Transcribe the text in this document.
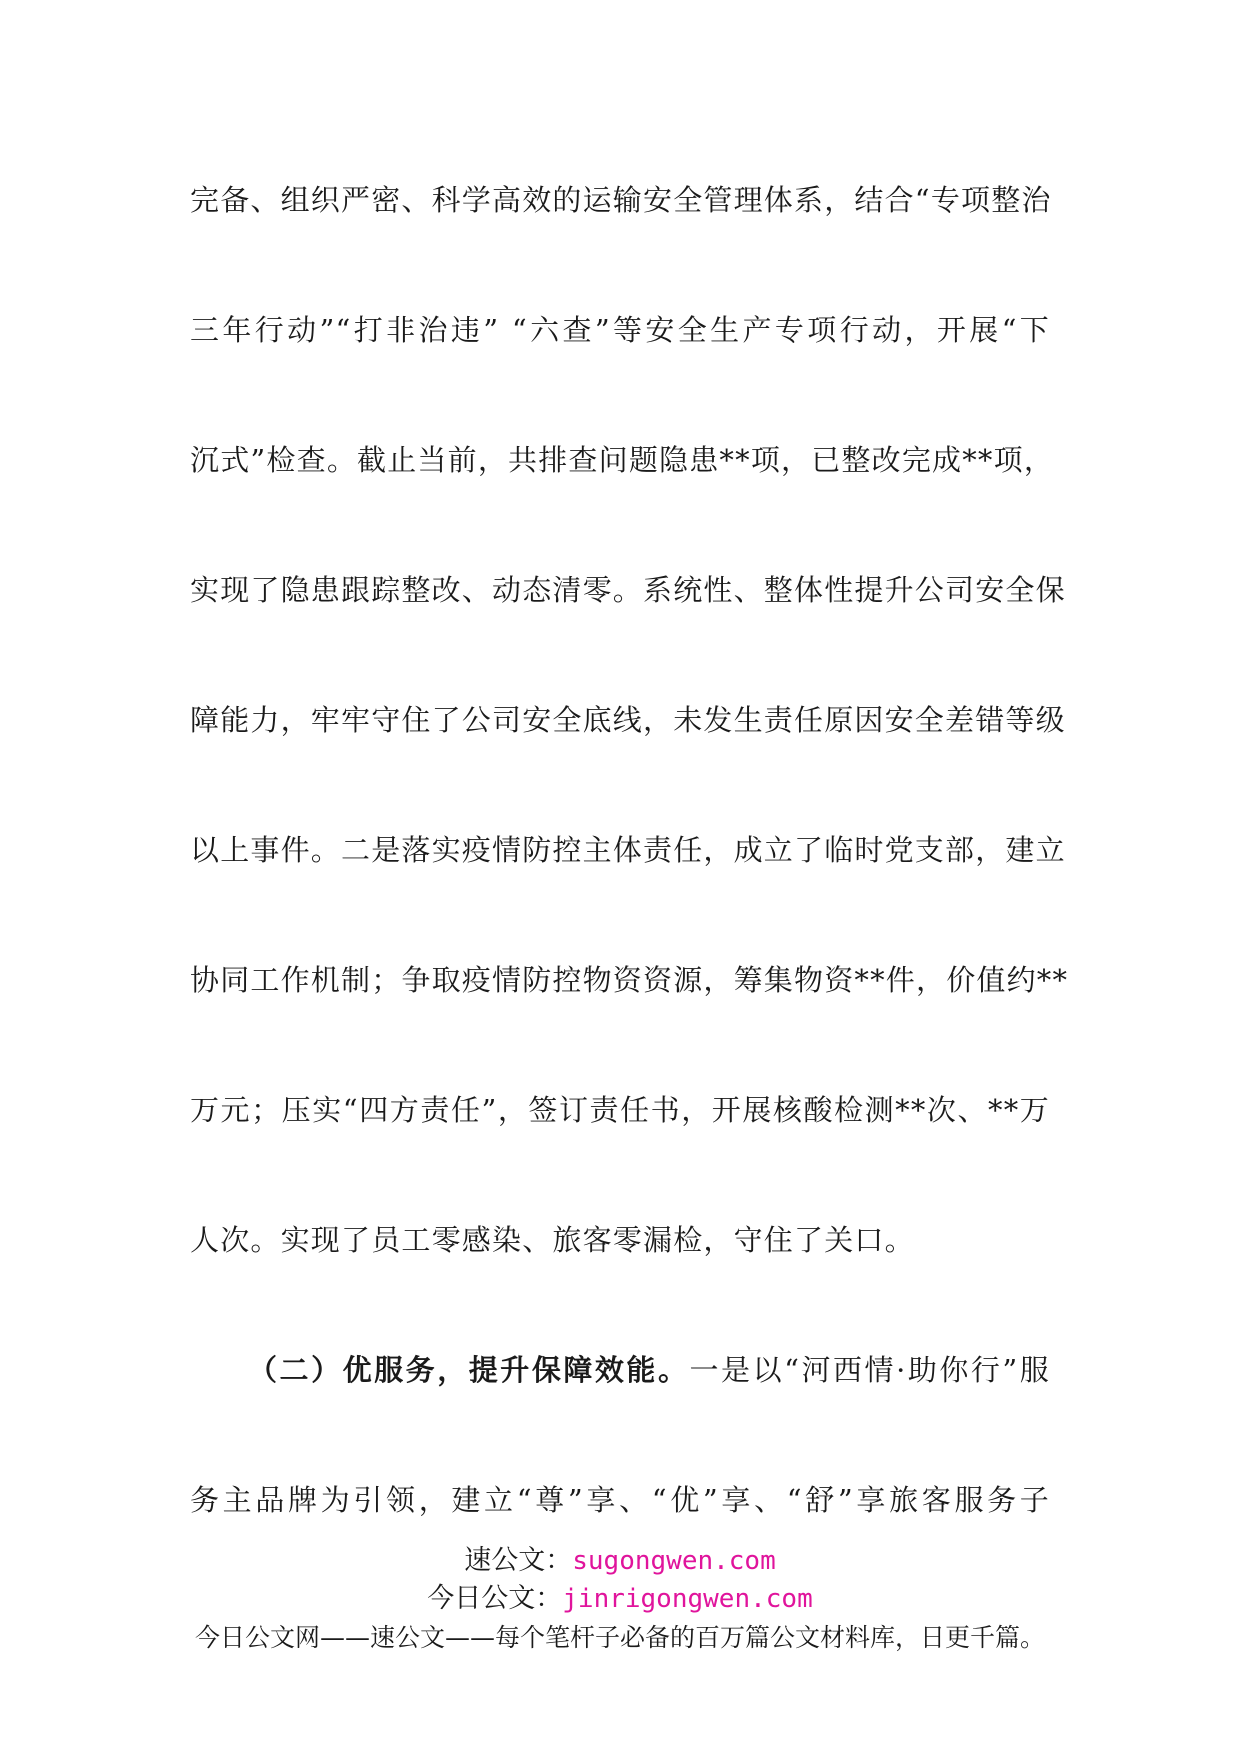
完备、组织严密、科学高效的运输安全管理体系，结合“专项整治
三年行动”“打非治违” “六查”等安全生产专项行动，开展“下
沉式”检查。截止当前，共排查问题隐患**项，已整改完成**项，
实现了隐患跟踪整改、动态清零。系统性、整体性提升公司安全保
障能力，牢牢守住了公司安全底线，未发生责任原因安全差错等级
以上事件。二是落实疫情防控主体责任，成立了临时党支部，建立
协同工作机制；争取疫情防控物资资源，筹集物资**件，价值约**
万元；压实“四方责任”，签订责任书，开展核酸检测**次、**万
人次。实现了员工零感染、旅客零漏检，守住了关口。
（二）优服务，提升保障效能。一是以“河西情·助你行”服
务主品牌为引领，建立“尊”享、“优”享、“舒”享旅客服务子
速公文：sugongwen.com
今日公文：jinrigongwen.com
今日公文网——速公文——每个笔杆子必备的百万篇公文材料库，日更千篇。
